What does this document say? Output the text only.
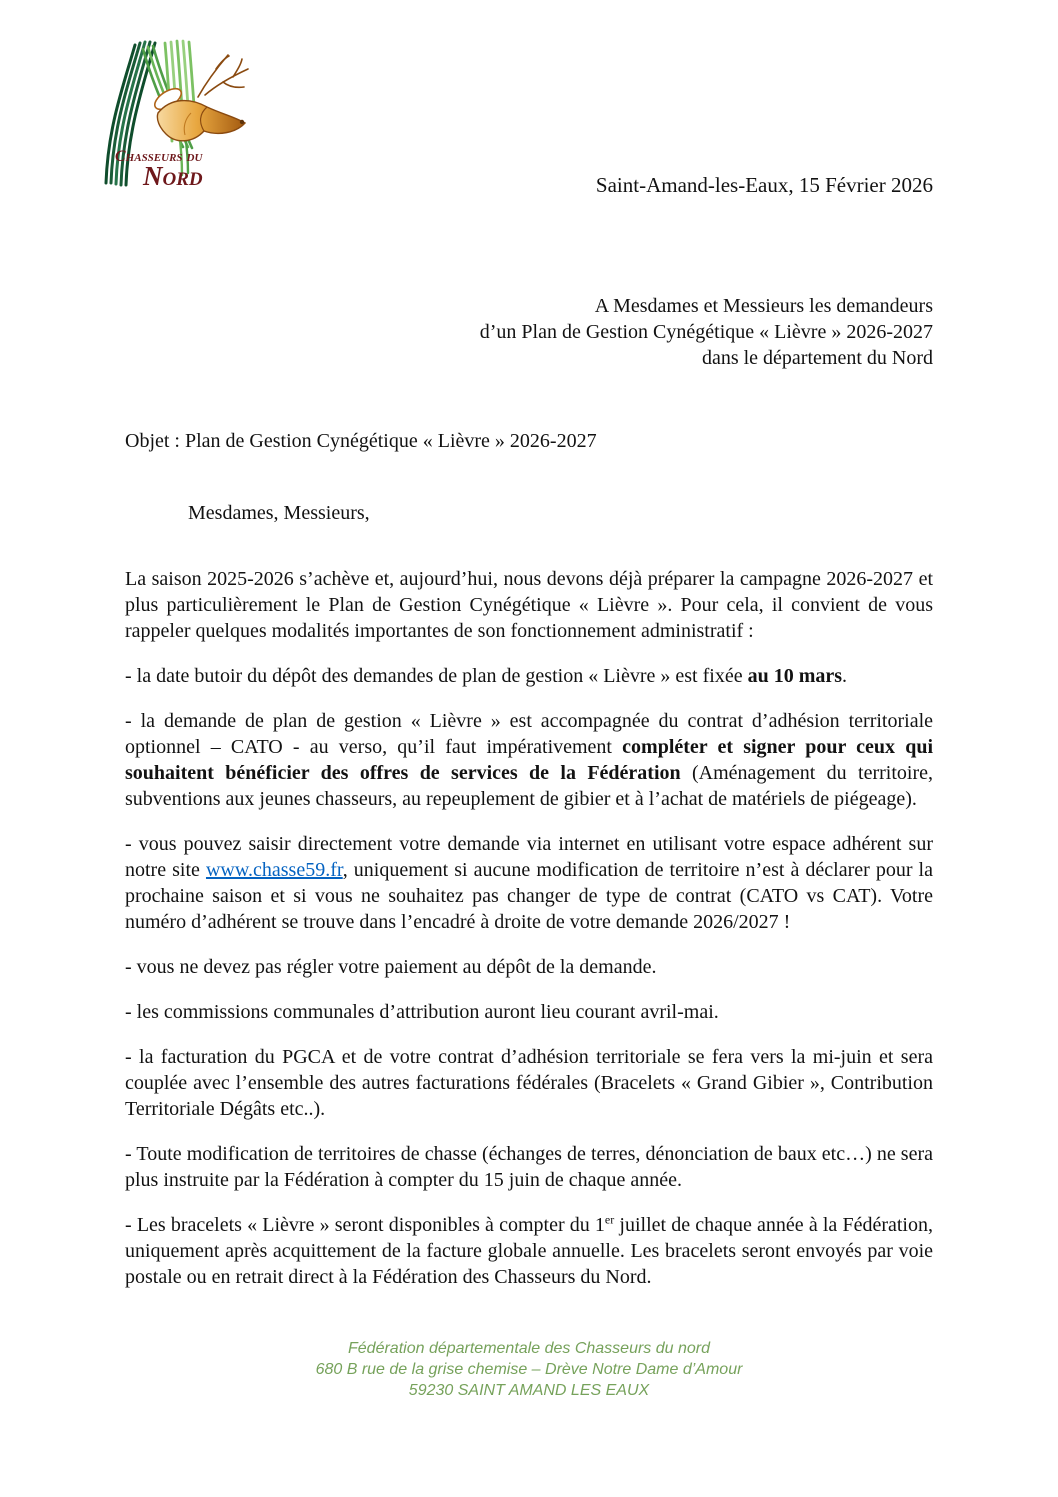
Chasseurs du
Nord	Saint-Amand-les-Eaux, 15 Février 2026
A Mesdames et Messieurs les demandeurs
d’un Plan de Gestion Cynégétique « Lièvre » 2026-2027
dans le département du Nord
Objet : Plan de Gestion Cynégétique « Lièvre » 2026-2027
Mesdames, Messieurs,

La saison 2025-2026 s’achève et, aujourd’hui, nous devons déjà préparer la campagne 2026-2027 et plus particulièrement le Plan de Gestion Cynégétique « Lièvre ». Pour cela, il convient de vous rappeler quelques modalités importantes de son fonctionnement administratif :

- la date butoir du dépôt des demandes de plan de gestion « Lièvre » est fixée au 10 mars.

- la demande de plan de gestion « Lièvre » est accompagnée du contrat d’adhésion territoriale optionnel – CATO - au verso, qu’il faut impérativement compléter et signer pour ceux qui souhaitent bénéficier des offres de services de la Fédération (Aménagement du territoire, subventions aux jeunes chasseurs, au repeuplement de gibier et à l’achat de matériels de piégeage).

- vous pouvez saisir directement votre demande via internet en utilisant votre espace adhérent sur notre site www.chasse59.fr, uniquement si aucune modification de territoire n’est à déclarer pour la prochaine saison et si vous ne souhaitez pas changer de type de contrat (CATO vs CAT). Votre numéro d’adhérent se trouve dans l’encadré à droite de votre demande 2026/2027 !

- vous ne devez pas régler votre paiement au dépôt de la demande.

- les commissions communales d’attribution auront lieu courant avril-mai.

- la facturation du PGCA et de votre contrat d’adhésion territoriale se fera vers la mi-juin et sera couplée avec l’ensemble des autres facturations fédérales (Bracelets « Grand Gibier », Contribution Territoriale Dégâts etc..).

- Toute modification de territoires de chasse (échanges de terres, dénonciation de baux etc…) ne sera plus instruite par la Fédération à compter du 15 juin de chaque année.

- Les bracelets « Lièvre » seront disponibles à compter du 1er juillet de chaque année à la Fédération, uniquement après acquittement de la facture globale annuelle. Les bracelets seront envoyés par voie postale ou en retrait direct à la Fédération des Chasseurs du Nord.

Fédération départementale des Chasseurs du nord
680 B rue de la grise chemise – Drève Notre Dame d’Amour
59230 SAINT AMAND LES EAUX
